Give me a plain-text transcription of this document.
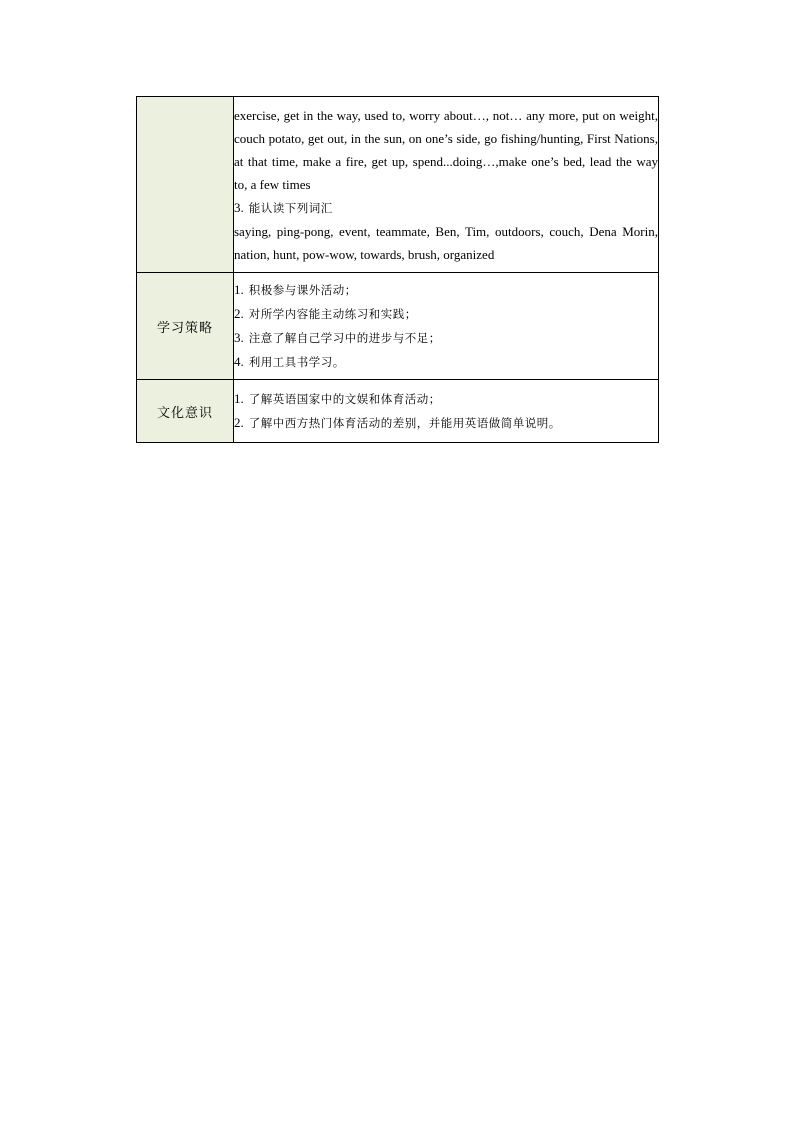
	exercise, get in the way, used to, worry about…, not… any more, put on weight, couch potato, get out, in the sun, on one’s side, go fishing/hunting, First Nations, at that time, make a fire, get up, spend...doing…,make one’s bed, lead the way to, a few times
3. 能认读下列词汇
saying, ping-pong, event, teammate, Ben, Tim, outdoors, couch, Dena Morin, nation, hunt, pow-wow, towards, brush, organized

学习策略	1. 积极参与课外活动；
2. 对所学内容能主动练习和实践；
3. 注意了解自己学习中的进步与不足；
4. 利用工具书学习。

文化意识	1. 了解英语国家中的文娱和体育活动；
2. 了解中西方热门体育活动的差别，并能用英语做简单说明。
